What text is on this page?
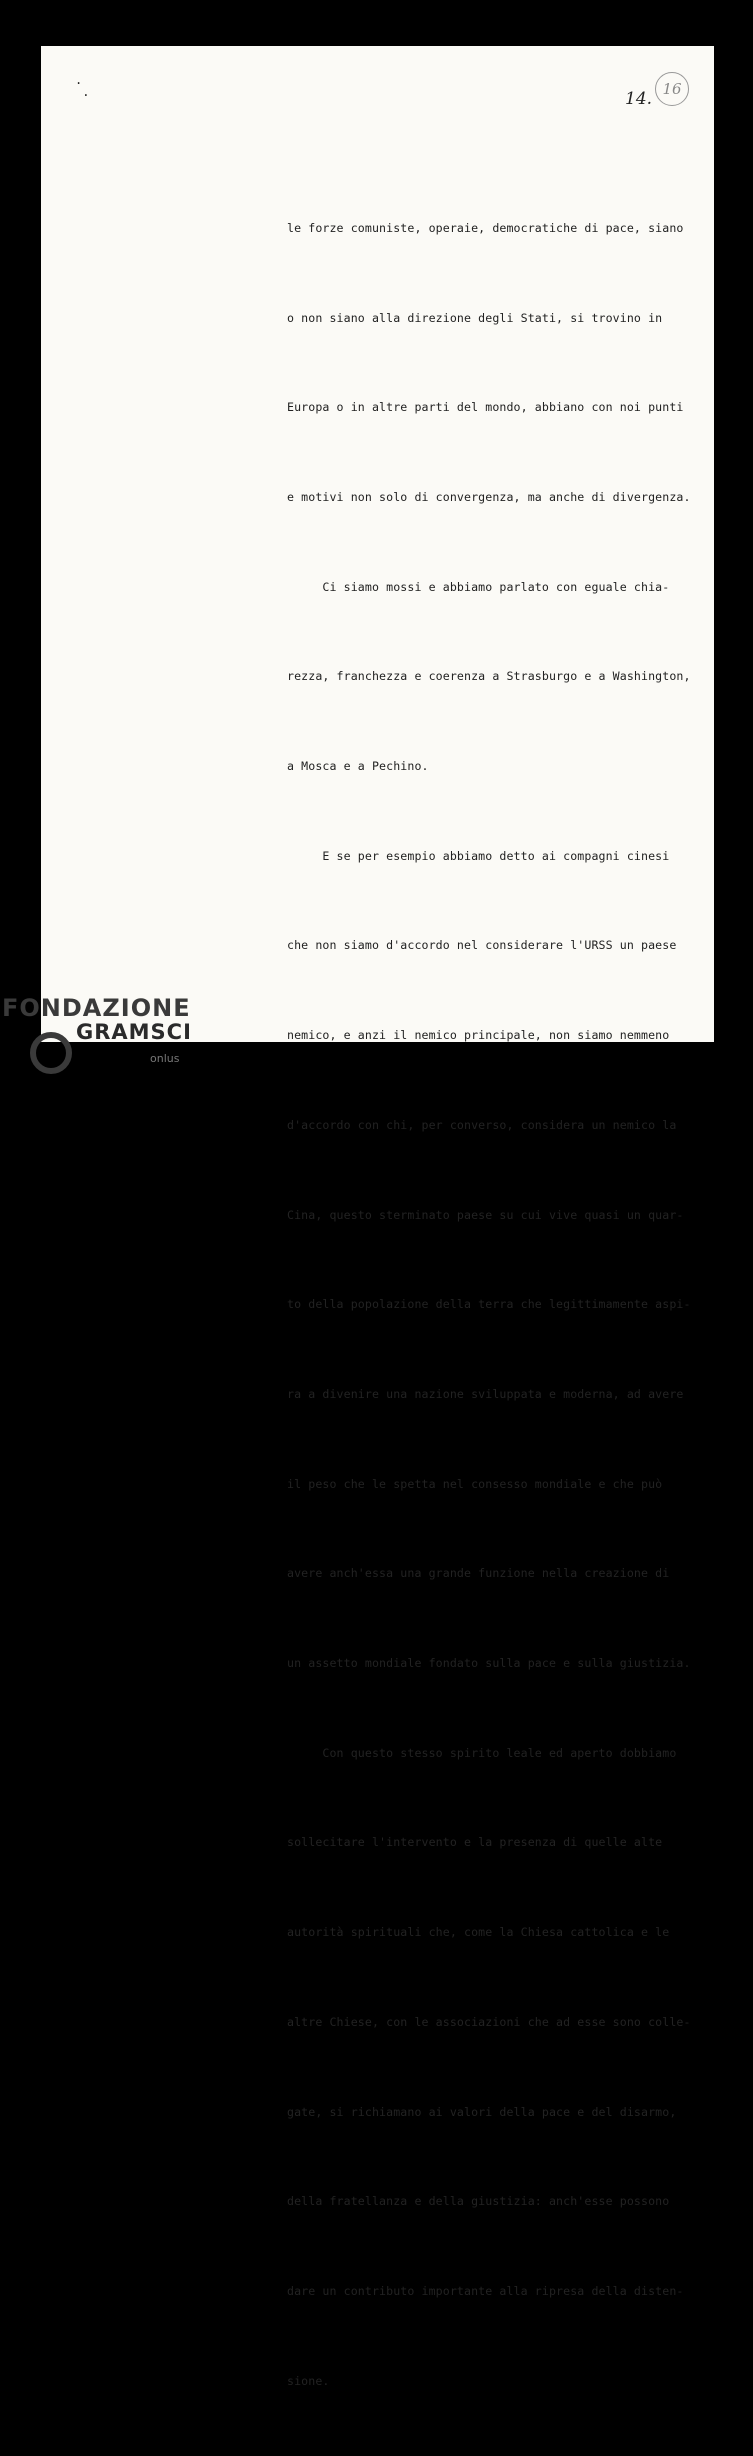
.
.	14. 16

le forze comuniste, operaie, democratiche di pace, siano

o non siano alla direzione degli Stati, si trovino in

Europa o in altre parti del mondo, abbiano con noi punti

e motivi non solo di convergenza, ma anche di divergenza.

Ci siamo mossi e abbiamo parlato con eguale chia-

rezza, franchezza e coerenza a Strasburgo e a Washington,

a Mosca e a Pechino.

E se per esempio abbiamo detto ai compagni cinesi

che non siamo d'accordo nel considerare l'URSS un paese

nemico, e anzi il nemico principale, non siamo nemmeno

d'accordo con chi, per converso, considera un nemico la

Cina, questo sterminato paese su cui vive quasi un quar-

to della popolazione della terra che legittimamente aspi-

ra a divenire una nazione sviluppata e moderna, ad avere

il peso che le spetta nel consesso mondiale e che può

avere anch'essa una grande funzione nella creazione di

un assetto mondiale fondato sulla pace e sulla giustizia.

Con questo stesso spirito leale ed aperto dobbiamo

sollecitare l'intervento e la presenza di quelle alte

autorità spirituali che, come la Chiesa cattolica e le

altre Chiese, con le associazioni che ad esse sono colle-

gate, si richiamano ai valori della pace e del disarmo,

della fratellanza e della giustizia: anch'esse possono

dare un contributo importante alla ripresa della disten-

sione.

FONDAZIONE
GRAMSCI
onlus
